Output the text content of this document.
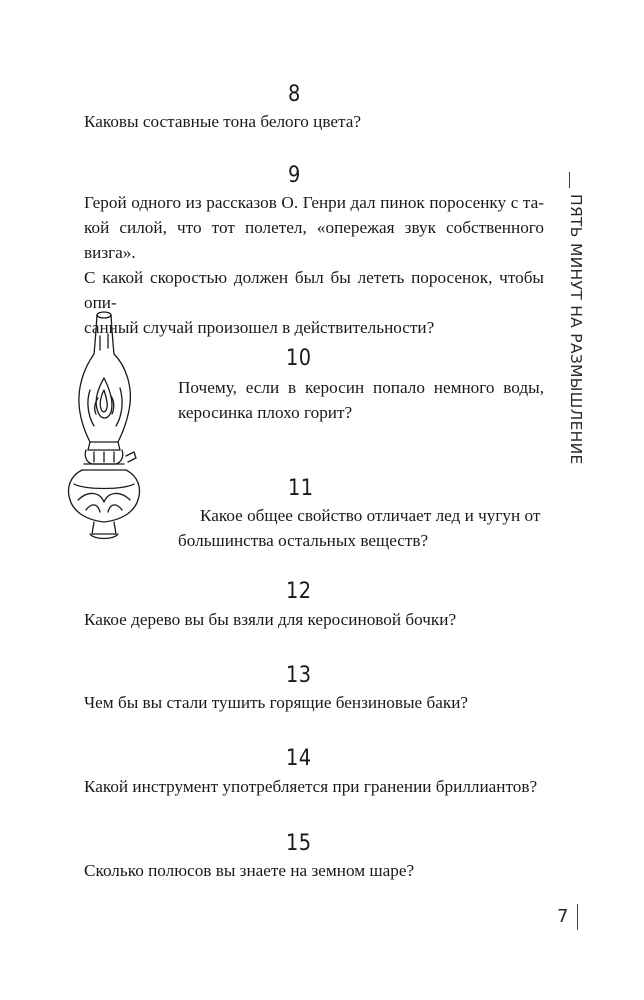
8
Каковы составные тона белого цвета?
9
Герой одного из рассказов О. Генри дал пинок поросенку с та-
кой силой, что тот полетел, «опережая звук собственного визга».
С какой скоростью должен был бы лететь поросенок, чтобы опи-
санный случай произошел в действительности?
10
Почему, если в керосин попало немного воды,
керосинка плохо горит?
11
Какое общее свойство отличает лед и чугун от
большинства остальных веществ?
12
Какое дерево вы бы взяли для керосиновой бочки?
13
Чем бы вы стали тушить горящие бензиновые баки?
14
Какой инструмент употребляется при гранении бриллиантов?
15
Сколько полюсов вы знаете на земном шаре?
ПЯТЬ МИНУТ НА РАЗМЫШЛЕНИЕ
7
